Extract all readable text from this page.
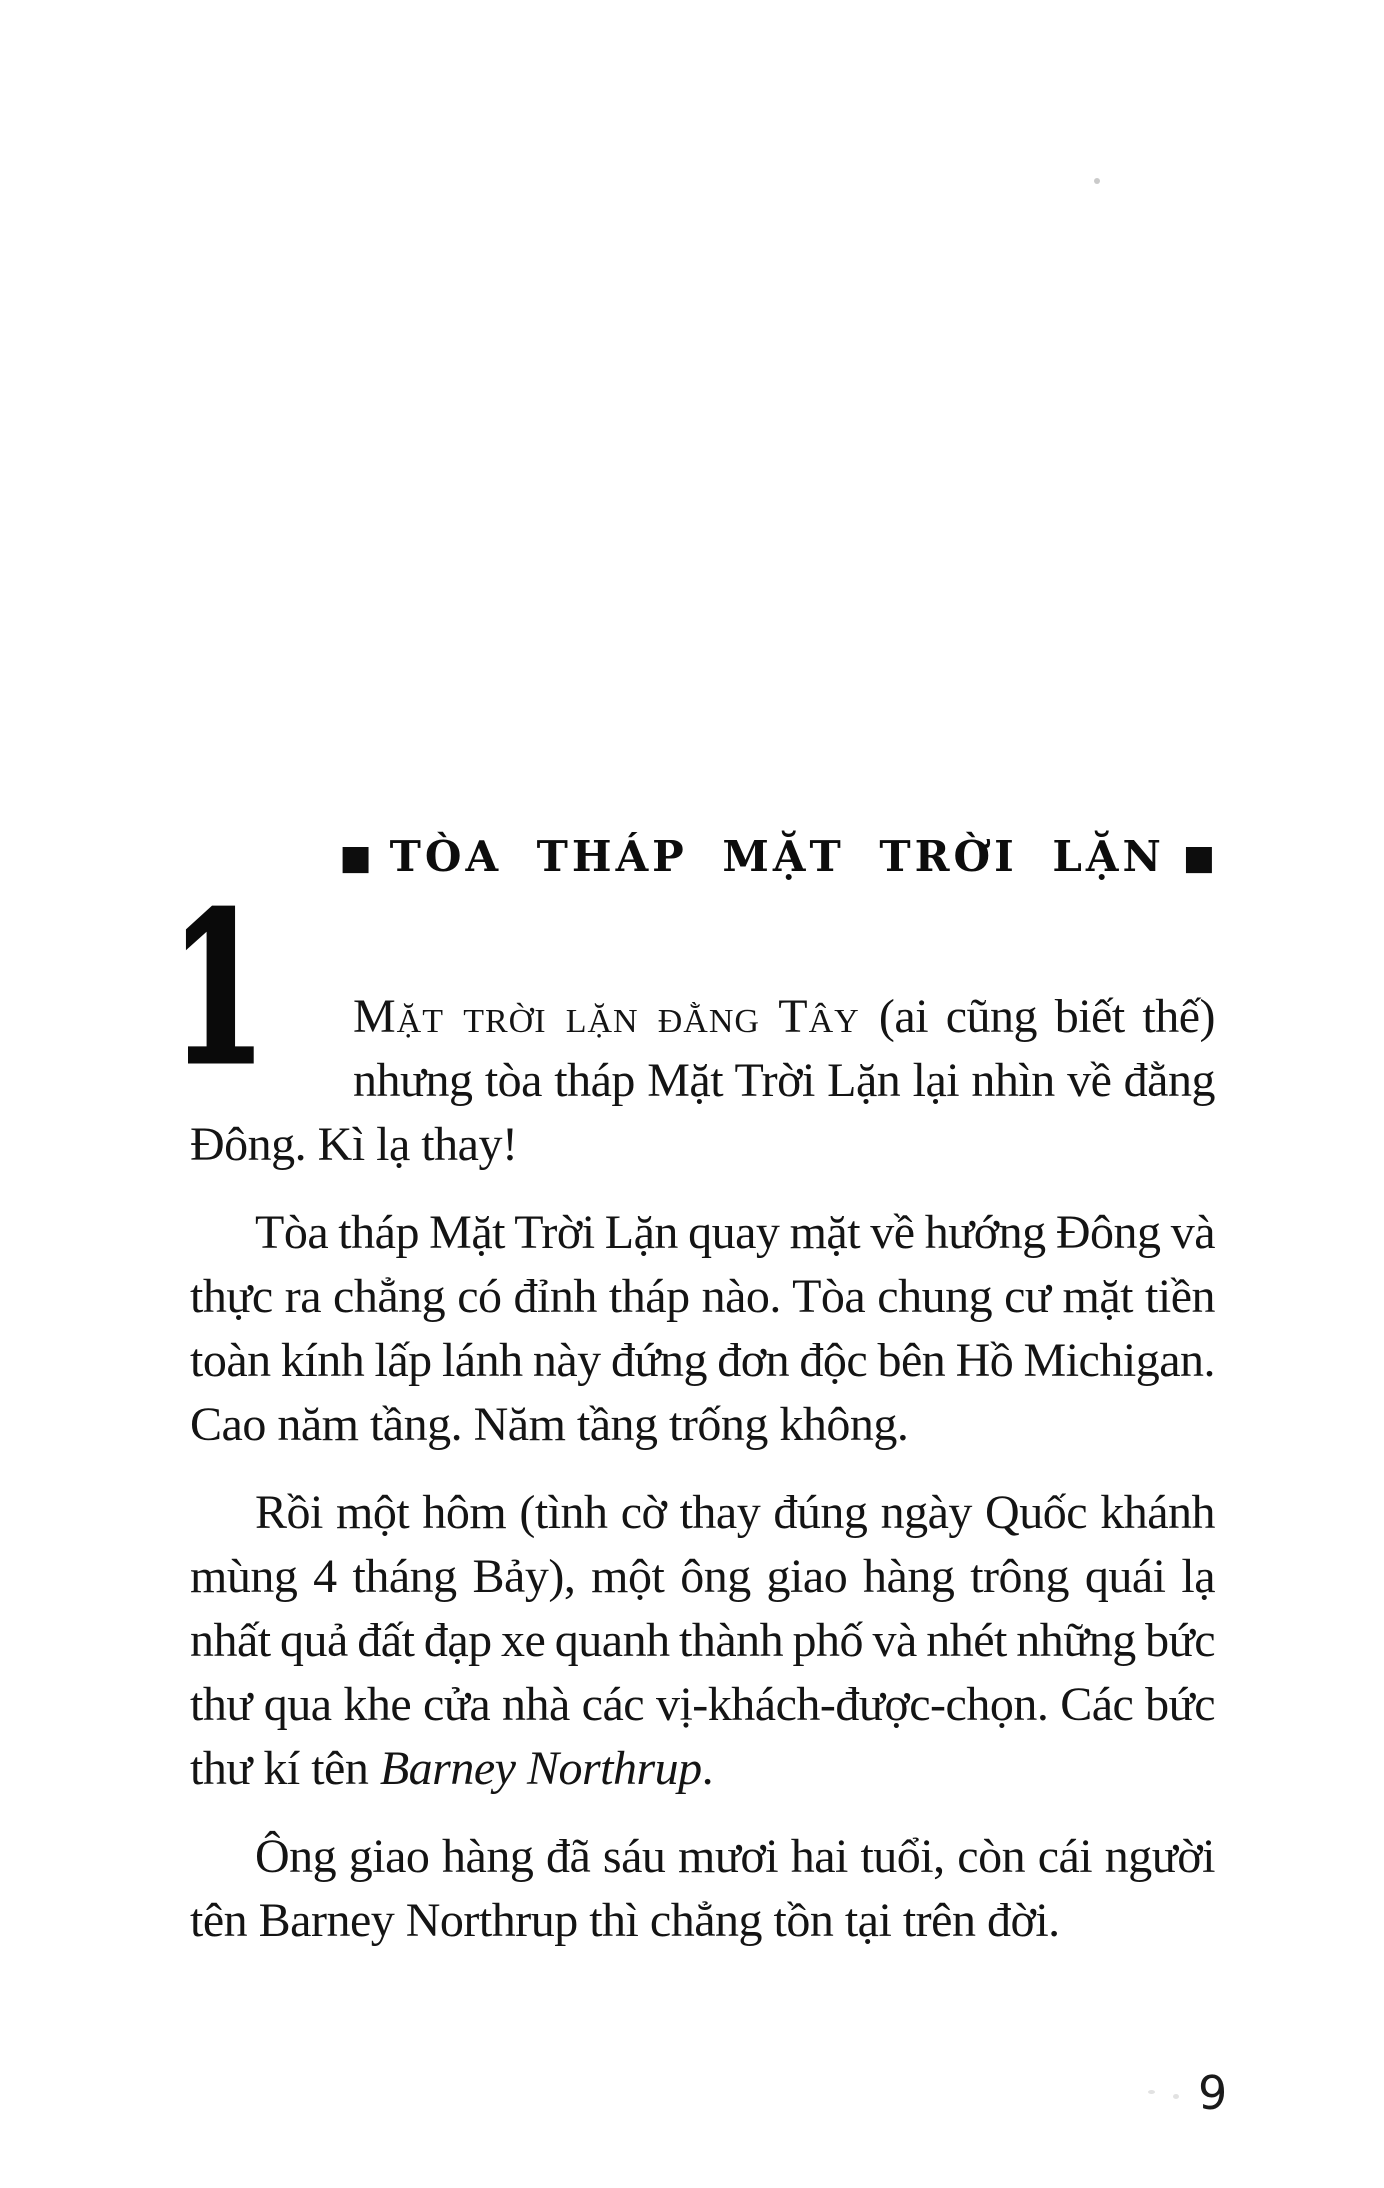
■ TÒA THÁP MẶT TRỜI LẶN ■
1	Mặt trời lặn đằng Tây (ai cũng biết thế)
nhưng tòa tháp Mặt Trời Lặn lại nhìn về đằng
Đông. Kì lạ thay!
Tòa tháp Mặt Trời Lặn quay mặt về hướng Đông và
thực ra chẳng có đỉnh tháp nào. Tòa chung cư mặt tiền
toàn kính lấp lánh này đứng đơn độc bên Hồ Michigan.
Cao năm tầng. Năm tầng trống không.
Rồi một hôm (tình cờ thay đúng ngày Quốc khánh
mùng 4 tháng Bảy), một ông giao hàng trông quái lạ
nhất quả đất đạp xe quanh thành phố và nhét những bức
thư qua khe cửa nhà các vị-khách-được-chọn. Các bức
thư kí tên Barney Northrup.
Ông giao hàng đã sáu mươi hai tuổi, còn cái người
tên Barney Northrup thì chẳng tồn tại trên đời.
9
